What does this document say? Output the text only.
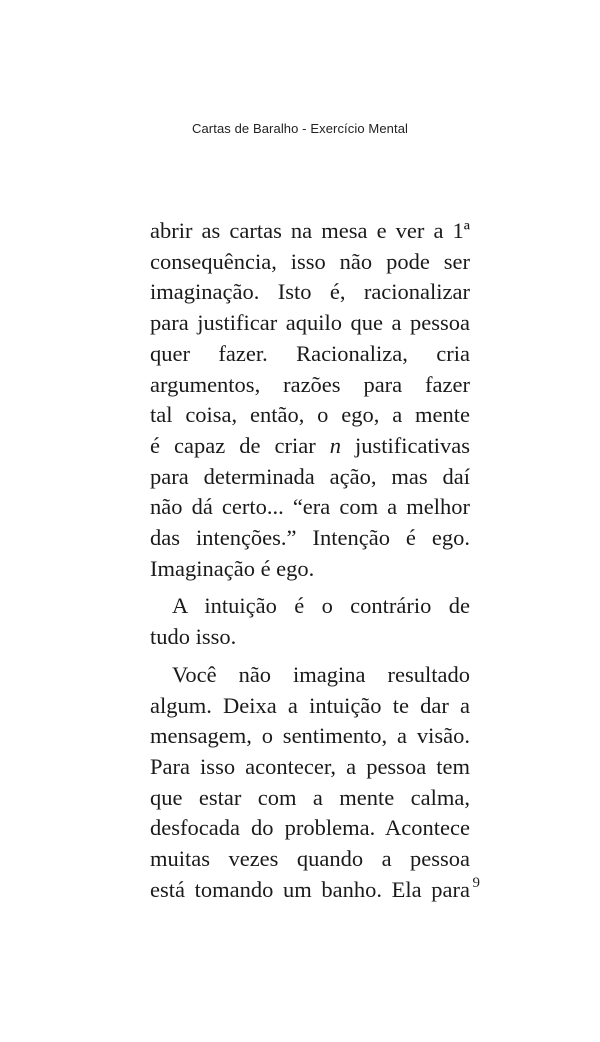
Cartas de Baralho - Exercício Mental

abrir as cartas na mesa e ver a 1ª
consequência, isso não pode ser
imaginação. Isto é, racionalizar
para justificar aquilo que a pessoa
quer fazer. Racionaliza, cria
argumentos, razões para fazer
tal coisa, então, o ego, a mente
é capaz de criar n justificativas
para determinada ação, mas daí
não dá certo... “era com a melhor
das intenções.” Intenção é ego.
Imaginação é ego.

A intuição é o contrário de
tudo isso.

Você não imagina resultado
algum. Deixa a intuição te dar a
mensagem, o sentimento, a visão.
Para isso acontecer, a pessoa tem
que estar com a mente calma,
desfocada do problema. Acontece
muitas vezes quando a pessoa
está tomando um banho. Ela para 9
